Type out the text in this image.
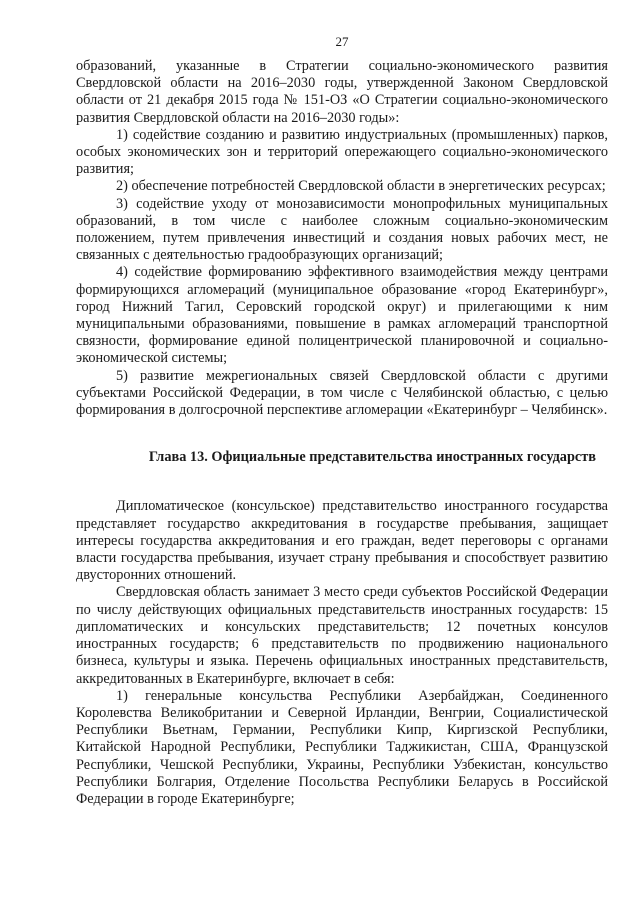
27

образований, указанные в Стратегии социально-экономического развития Свердловской области на 2016–2030 годы, утвержденной Законом Свердловской области от 21 декабря 2015 года № 151-ОЗ «О Стратегии социально-экономического развития Свердловской области на 2016–2030 годы»:

1) содействие созданию и развитию индустриальных (промышленных) парков, особых экономических зон и территорий опережающего социально-экономического развития;

2) обеспечение потребностей Свердловской области в энергетических ресурсах;

3) содействие уходу от монозависимости монопрофильных муниципальных образований, в том числе с наиболее сложным социально-экономическим положением, путем привлечения инвестиций и создания новых рабочих мест, не связанных с деятельностью градообразующих организаций;

4) содействие формированию эффективного взаимодействия между центрами формирующихся агломераций (муниципальное образование «город Екатеринбург», город Нижний Тагил, Серовский городской округ) и прилегающими к ним муниципальными образованиями, повышение в рамках агломераций транспортной связности, формирование единой полицентрической планировочной и социально-экономической системы;

5) развитие межрегиональных связей Свердловской области с другими субъектами Российской Федерации, в том числе с Челябинской областью, с целью формирования в долгосрочной перспективе агломерации «Екатеринбург – Челябинск».

Глава 13. Официальные представительства иностранных государств

Дипломатическое (консульское) представительство иностранного государства представляет государство аккредитования в государстве пребывания, защищает интересы государства аккредитования и его граждан, ведет переговоры с органами власти государства пребывания, изучает страну пребывания и способствует развитию двусторонних отношений.

Свердловская область занимает 3 место среди субъектов Российской Федерации по числу действующих официальных представительств иностранных государств: 15 дипломатических и консульских представительств; 12 почетных консулов иностранных государств; 6 представительств по продвижению национального бизнеса, культуры и языка. Перечень официальных иностранных представительств, аккредитованных в Екатеринбурге, включает в себя:

1) генеральные консульства Республики Азербайджан, Соединенного Королевства Великобритании и Северной Ирландии, Венгрии, Социалистической Республики Вьетнам, Германии, Республики Кипр, Киргизской Республики, Китайской Народной Республики, Республики Таджикистан, США, Французской Республики, Чешской Республики, Украины, Республики Узбекистан, консульство Республики Болгария, Отделение Посольства Республики Беларусь в Российской Федерации в городе Екатеринбурге;
